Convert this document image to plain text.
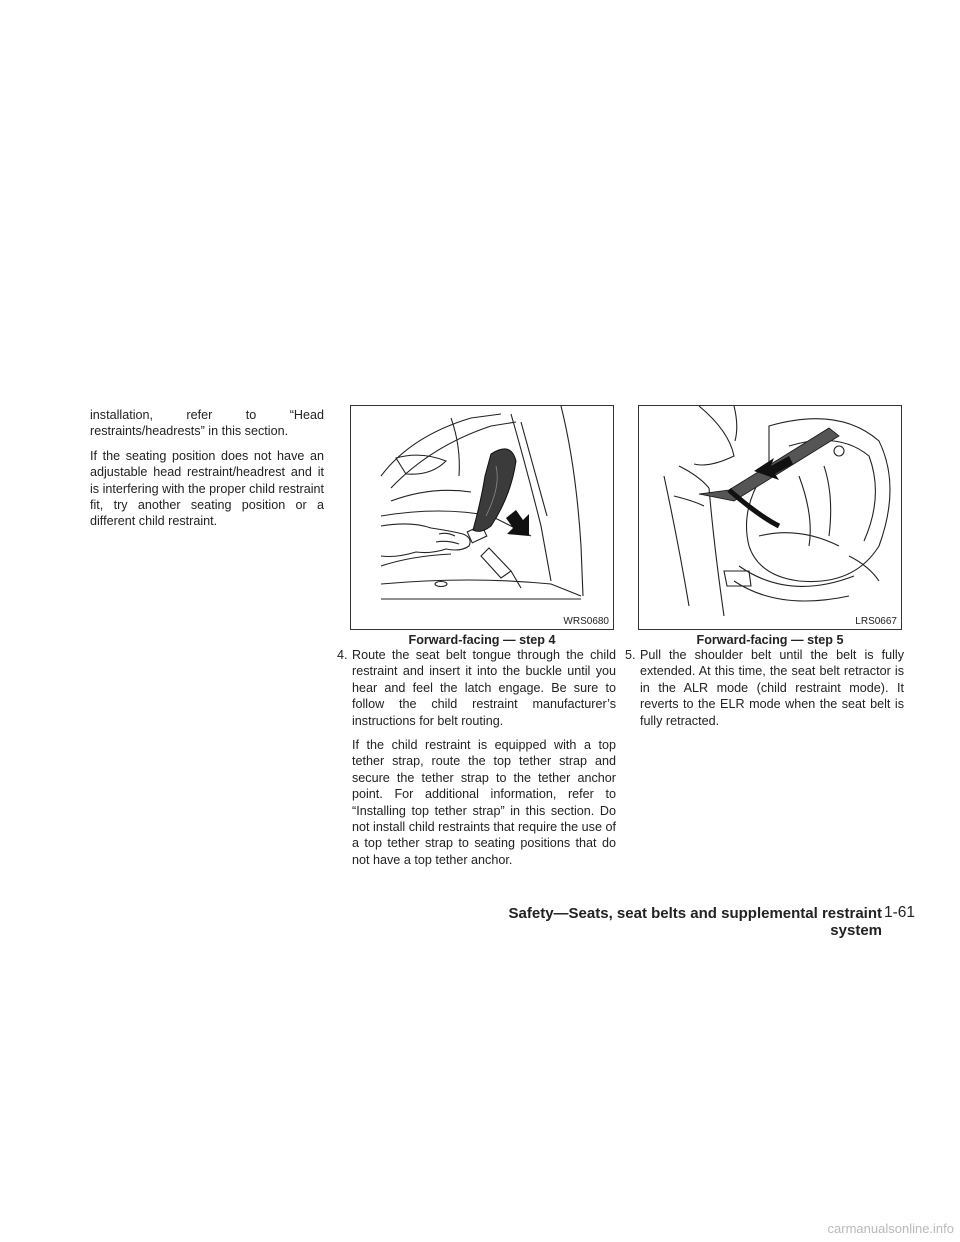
installation, refer to “Head restraints/headrests” in this section.

If the seating position does not have an adjustable head restraint/headrest and it is interfering with the proper child restraint fit, try another seating position or a different child restraint.

WRS0680
Forward-facing — step 4
LRS0667
Forward-facing — step 5

4. Route the seat belt tongue through the child restraint and insert it into the buckle until you hear and feel the latch engage. Be sure to follow the child restraint manufacturer’s instructions for belt routing.

If the child restraint is equipped with a top tether strap, route the top tether strap and secure the tether strap to the tether anchor point. For additional information, refer to “Installing top tether strap” in this section. Do not install child restraints that require the use of a top tether strap to seating positions that do not have a top tether anchor.

5. Pull the shoulder belt until the belt is fully extended. At this time, the seat belt retractor is in the ALR mode (child restraint mode). It reverts to the ELR mode when the seat belt is fully retracted.

Safety—Seats, seat belts and supplemental restraint system
1-61
carmanualsonline.info
